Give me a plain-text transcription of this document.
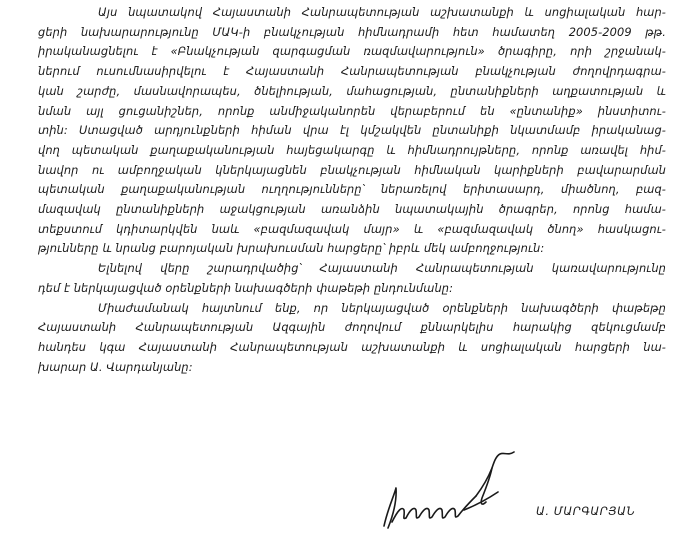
Այս նպատակով Հայաստանի Հանրապետության աշխատանքի և սոցիալական հար-
ցերի նախարարությունը ՄԱԿ-ի բնակչության հիմնադրամի հետ համատեղ 2005-2009 թթ.
իրականացնելու է «Բնակչության զարգացման ռազմավարություն» ծրագիրը, որի շրջանակ-
ներում ուսումնասիրվելու է Հայաստանի Հանրապետության բնակչության ժողովրդագրա-
կան շարժը, մասնավորապես, ծնելիության, մահացության, ընտանիքների աղքատության և
նման այլ ցուցանիշներ, որոնք անմիջականորեն վերաբերում են «ընտանիք» ինստիտու-
տին: Ստացված արդյունքների հիման վրա էլ կմշակվեն ընտանիքի նկատմամբ իրականաց-
վող պետական քաղաքականության հայեցակարգը և հիմնադրույթները, որոնք առավել հիմ-
նավոր ու ամբողջական կներկայացնեն բնակչության հիմնական կարիքների բավարարման
պետական քաղաքականության ուղղությունները՝ ներառելով երիտասարդ, միածնող, բազ-
մազավակ ընտանիքների աջակցության առանձին նպատակային ծրագրեր, որոնց համա-
տեքստում կդիտարկվեն նաև «բազմազավակ մայր» և «բազմազավակ ծնող» հասկացու-
թյունները և նրանց բարոյական խրախուսման հարցերը՝ իբրև մեկ ամբողջություն:

Ելնելով վերը շարադրվածից՝ Հայաստանի Հանրապետության կառավարությունը
դեմ է ներկայացված օրենքների նախագծերի փաթեթի ընդունմանը:

Միաժամանակ հայտնում ենք, որ ներկայացված օրենքների նախագծերի փաթեթը
Հայաստանի Հանրապետության Ազգային ժողովում քննարկելիս հարակից զեկուցմամբ
հանդես կգա Հայաստանի Հանրապետության աշխատանքի և սոցիալական հարցերի նա-
խարար Ա. Վարդանյանը:

Ա. ՄԱՐԳԱՐՅԱՆ
